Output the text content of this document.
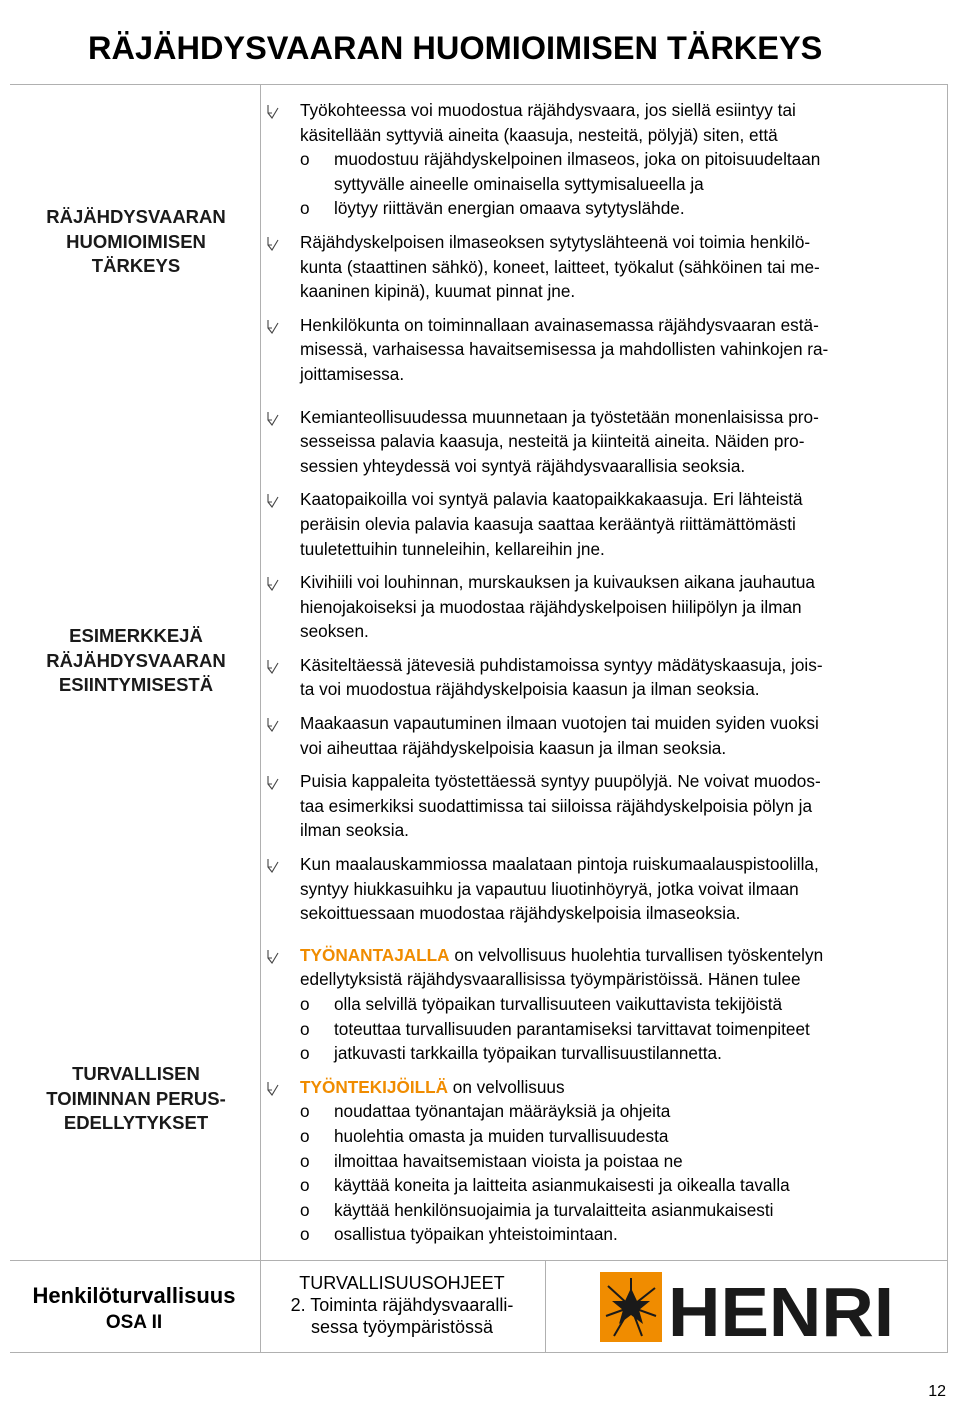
RÄJÄHDYSVAARAN HUOMIOIMISEN TÄRKEYS
RÄJÄHDYSVAARAN
HUOMIOIMISEN
TÄRKEYS
ESIMERKKEJÄ
RÄJÄHDYSVAARAN
ESIINTYMISESTÄ
TURVALLISEN
TOIMINNAN PERUS-
EDELLYTYKSET
Työkohteessa voi muodostua räjähdysvaara, jos siellä esiintyy tai
käsitellään syttyviä aineita (kaasuja, nesteitä, pölyjä) siten, että
o muodostuu räjähdyskelpoinen ilmaseos, joka on pitoisuudeltaan
syttyvälle aineelle ominaisella syttymisalueella ja
o löytyy riittävän energian omaava sytytyslähde.
Räjähdyskelpoisen ilmaseoksen sytytyslähteenä voi toimia henkilö-
kunta (staattinen sähkö), koneet, laitteet, työkalut (sähköinen tai me-
kaaninen kipinä), kuumat pinnat jne.
Henkilökunta on toiminnallaan avainasemassa räjähdysvaaran estä-
misessä, varhaisessa havaitsemisessa ja mahdollisten vahinkojen ra-
joittamisessa.
Kemianteollisuudessa muunnetaan ja työstetään monenlaisissa pro-
sesseissa palavia kaasuja, nesteitä ja kiinteitä aineita. Näiden pro-
sessien yhteydessä voi syntyä räjähdysvaarallisia seoksia.
Kaatopaikoilla voi syntyä palavia kaatopaikkakaasuja. Eri lähteistä
peräisin olevia palavia kaasuja saattaa kerääntyä riittämättömästi
tuuletettuihin tunneleihin, kellareihin jne.
Kivihiili voi louhinnan, murskauksen ja kuivauksen aikana jauhautua
hienojakoiseksi ja muodostaa räjähdyskelpoisen hiilipölyn ja ilman
seoksen.
Käsiteltäessä jätevesiä puhdistamoissa syntyy mädätyskaasuja, jois-
ta voi muodostua räjähdyskelpoisia kaasun ja ilman seoksia.
Maakaasun vapautuminen ilmaan vuotojen tai muiden syiden vuoksi
voi aiheuttaa räjähdyskelpoisia kaasun ja ilman seoksia.
Puisia kappaleita työstettäessä syntyy puupölyjä. Ne voivat muodos-
taa esimerkiksi suodattimissa tai siiloissa räjähdyskelpoisia pölyn ja
ilman seoksia.
Kun maalauskammiossa maalataan pintoja ruiskumaalauspistoolilla,
syntyy hiukkasuihku ja vapautuu liuotinhöyryä, jotka voivat ilmaan
sekoittuessaan muodostaa räjähdyskelpoisia ilmaseoksia.
TYÖNANTAJALLA on velvollisuus huolehtia turvallisen työskentelyn
edellytyksistä räjähdysvaarallisissa työympäristöissä. Hänen tulee
o olla selvillä työpaikan turvallisuuteen vaikuttavista tekijöistä
o toteuttaa turvallisuuden parantamiseksi tarvittavat toimenpiteet
o jatkuvasti tarkkailla työpaikan turvallisuustilannetta.
TYÖNTEKIJÖILLÄ on velvollisuus
o noudattaa työnantajan määräyksiä ja ohjeita
o huolehtia omasta ja muiden turvallisuudesta
o ilmoittaa havaitsemistaan vioista ja poistaa ne
o käyttää koneita ja laitteita asianmukaisesti ja oikealla tavalla
o käyttää henkilönsuojaimia ja turvalaitteita asianmukaisesti
o osallistua työpaikan yhteistoimintaan.
Henkilöturvallisuus
OSA II
TURVALLISUUSOHJEET
2. Toiminta räjähdysvaaralli-
sessa työympäristössä	HENRI
12
